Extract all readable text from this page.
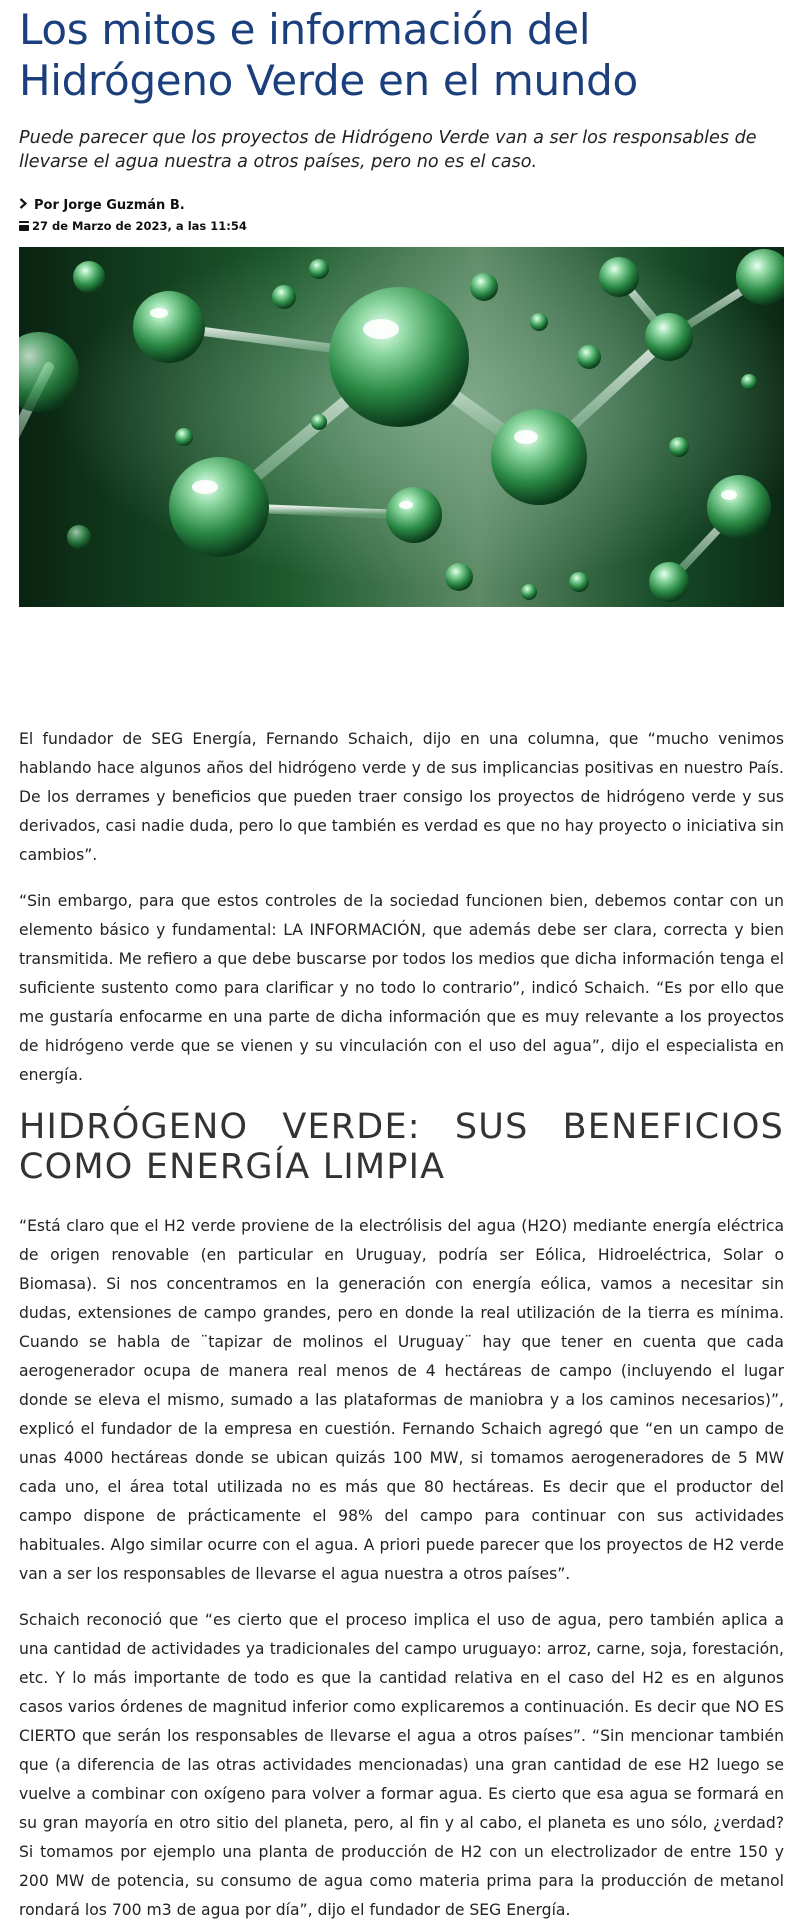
Los mitos e información del Hidrógeno Verde en el mundo

Puede parecer que los proyectos de Hidrógeno Verde van a ser los responsables de llevarse el agua nuestra a otros países, pero no es el caso.

Por Jorge Guzmán B.
27 de Marzo de 2023, a las 11:54

El fundador de SEG Energía, Fernando Schaich, dijo en una columna, que “mucho venimos hablando hace algunos años del hidrógeno verde y de sus implicancias positivas en nuestro País. De los derrames y beneficios que pueden traer consigo los proyectos de hidrógeno verde y sus derivados, casi nadie duda, pero lo que también es verdad es que no hay proyecto o iniciativa sin cambios”.

“Sin embargo, para que estos controles de la sociedad funcionen bien, debemos contar con un elemento básico y fundamental: LA INFORMACIÓN, que además debe ser clara, correcta y bien transmitida. Me refiero a que debe buscarse por todos los medios que dicha información tenga el suficiente sustento como para clarificar y no todo lo contrario”, indicó Schaich. “Es por ello que me gustaría enfocarme en una parte de dicha información que es muy relevante a los proyectos de hidrógeno verde que se vienen y su vinculación con el uso del agua”, dijo el especialista en energía.

HIDRÓGENO VERDE: SUS BENEFICIOS COMO ENERGÍA LIMPIA

“Está claro que el H2 verde proviene de la electrólisis del agua (H2O) mediante energía eléctrica de origen renovable (en particular en Uruguay, podría ser Eólica, Hidroeléctrica, Solar o Biomasa). Si nos concentramos en la generación con energía eólica, vamos a necesitar sin dudas, extensiones de campo grandes, pero en donde la real utilización de la tierra es mínima. Cuando se habla de ¨tapizar de molinos el Uruguay¨ hay que tener en cuenta que cada aerogenerador ocupa de manera real menos de 4 hectáreas de campo (incluyendo el lugar donde se eleva el mismo, sumado a las plataformas de maniobra y a los caminos necesarios)”, explicó el fundador de la empresa en cuestión. Fernando Schaich agregó que “en un campo de unas 4000 hectáreas donde se ubican quizás 100 MW, si tomamos aerogeneradores de 5 MW cada uno, el área total utilizada no es más que 80 hectáreas. Es decir que el productor del campo dispone de prácticamente el 98% del campo para continuar con sus actividades habituales. Algo similar ocurre con el agua. A priori puede parecer que los proyectos de H2 verde van a ser los responsables de llevarse el agua nuestra a otros países”.

Schaich reconoció que “es cierto que el proceso implica el uso de agua, pero también aplica a una cantidad de actividades ya tradicionales del campo uruguayo: arroz, carne, soja, forestación, etc. Y lo más importante de todo es que la cantidad relativa en el caso del H2 es en algunos casos varios órdenes de magnitud inferior como explicaremos a continuación. Es decir que NO ES CIERTO que serán los responsables de llevarse el agua a otros países”. “Sin mencionar también que (a diferencia de las otras actividades mencionadas) una gran cantidad de ese H2 luego se vuelve a combinar con oxígeno para volver a formar agua. Es cierto que esa agua se formará en su gran mayoría en otro sitio del planeta, pero, al fin y al cabo, el planeta es uno sólo, ¿verdad? Si tomamos por ejemplo una planta de producción de H2 con un electrolizador de entre 150 y 200 MW de potencia, su consumo de agua como materia prima para la producción de metanol rondará los 700 m3 de agua por día”, dijo el fundador de SEG Energía.
